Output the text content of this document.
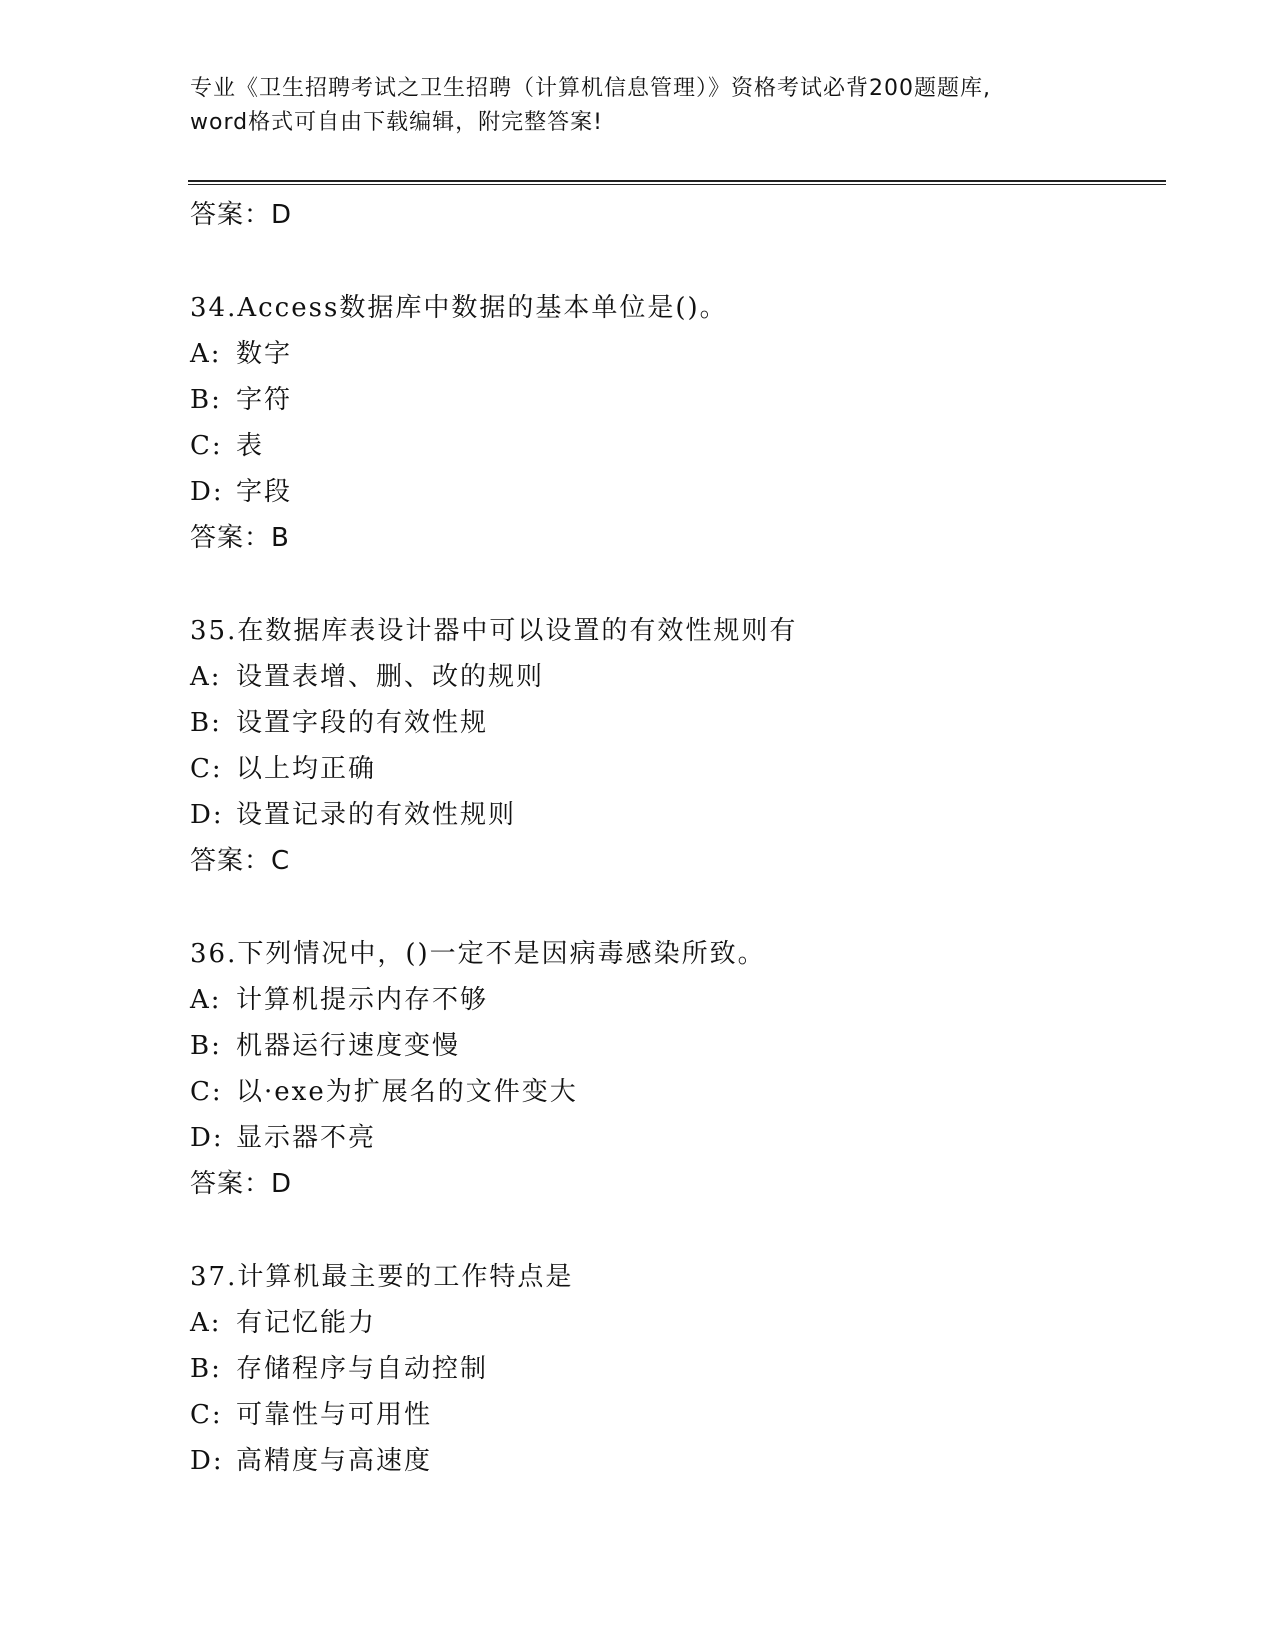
专业《卫生招聘考试之卫生招聘（计算机信息管理）》资格考试必背200题题库,
word格式可自由下载编辑，附完整答案!
答案：D
34.Access数据库中数据的基本单位是()。
A: 数字
B: 字符
C: 表
D: 字段
答案：B
35.在数据库表设计器中可以设置的有效性规则有
A: 设置表增、删、改的规则
B: 设置字段的有效性规
C: 以上均正确
D: 设置记录的有效性规则
答案：C
36.下列情况中，()一定不是因病毒感染所致。
A: 计算机提示内存不够
B: 机器运行速度变慢
C: 以·exe为扩展名的文件变大
D: 显示器不亮
答案：D
37.计算机最主要的工作特点是
A: 有记忆能力
B: 存储程序与自动控制
C: 可靠性与可用性
D: 高精度与高速度
